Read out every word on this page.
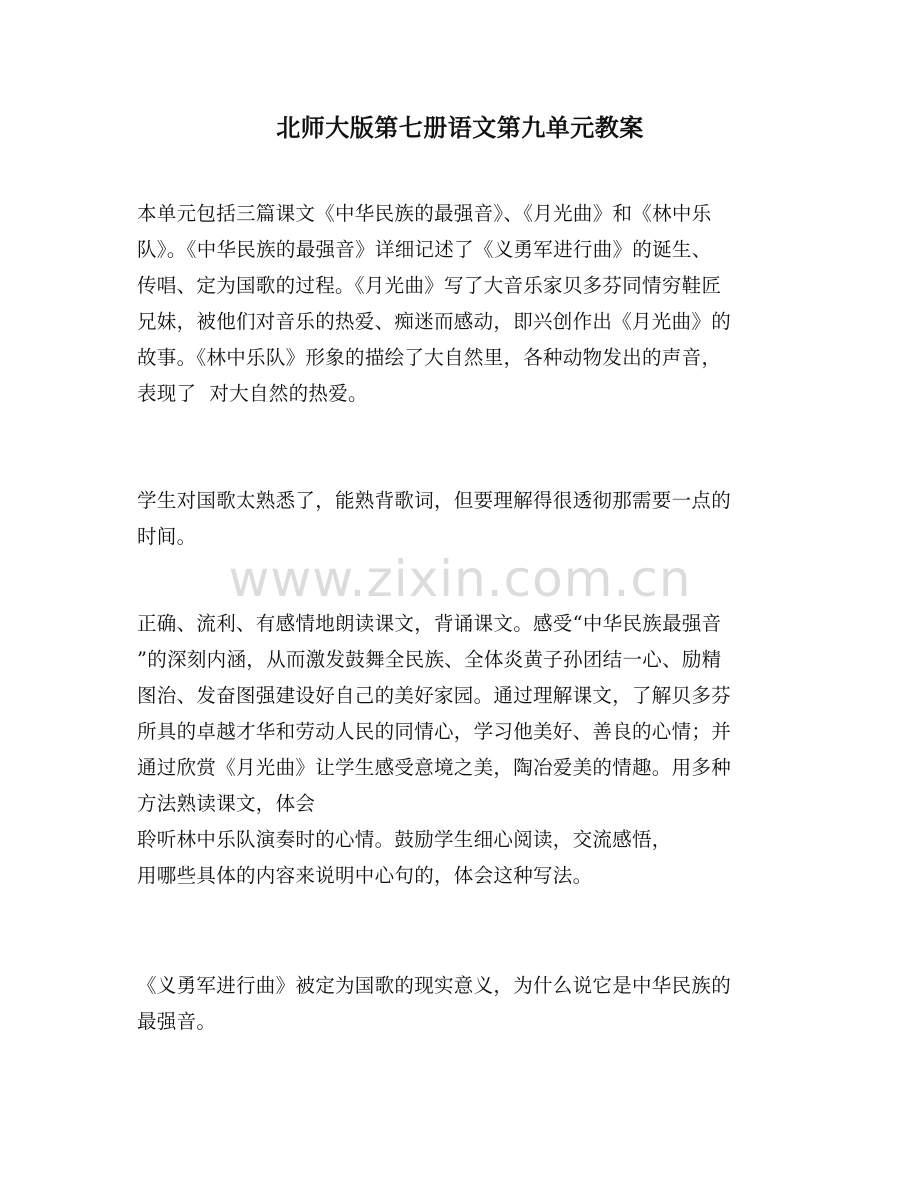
北师大版第七册语文第九单元教案
www.zixin.com.cn
本单元包括三篇课文《中华民族的最强音》、《月光曲》和《林中乐
队》。《中华民族的最强音》详细记述了《义勇军进行曲》的诞生、
传唱、定为国歌的过程。《月光曲》写了大音乐家贝多芬同情穷鞋匠
兄妹，被他们对音乐的热爱、痴迷而感动，即兴创作出《月光曲》的
故事。《林中乐队》形象的描绘了大自然里，各种动物发出的声音，
表现了  对大自然的热爱。
学生对国歌太熟悉了，能熟背歌词，但要理解得很透彻那需要一点的
时间。
正确、流利、有感情地朗读课文，背诵课文。感受“中华民族最强音
”的深刻内涵，从而激发鼓舞全民族、全体炎黄子孙团结一心、励精
图治、发奋图强建设好自己的美好家园。通过理解课文，了解贝多芬
所具的卓越才华和劳动人民的同情心，学习他美好、善良的心情；并
通过欣赏《月光曲》让学生感受意境之美，陶冶爱美的情趣。用多种
方法熟读课文，体会
聆听林中乐队演奏时的心情。鼓励学生细心阅读，交流感悟，
用哪些具体的内容来说明中心句的，体会这种写法。
《义勇军进行曲》被定为国歌的现实意义，为什么说它是中华民族的
最强音。
